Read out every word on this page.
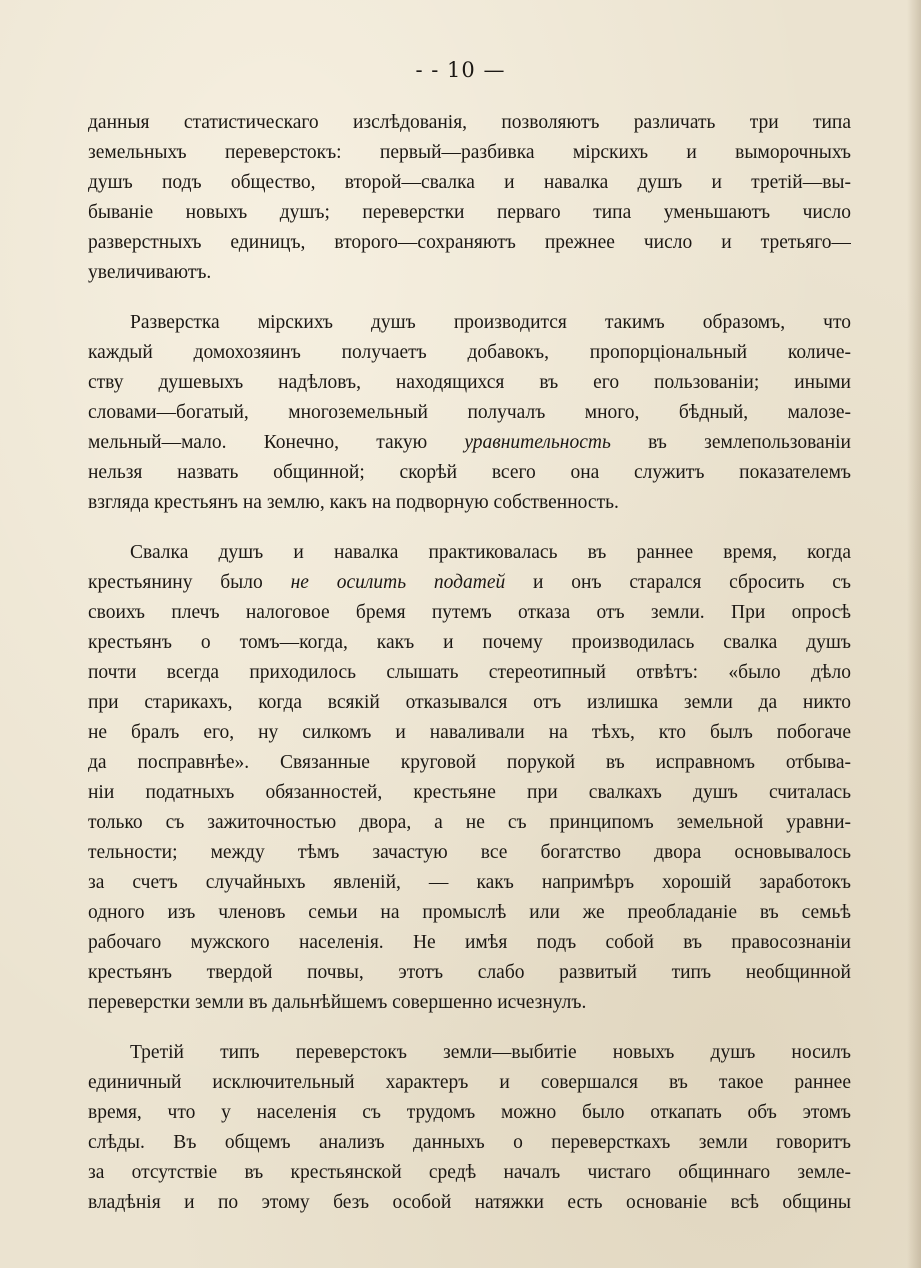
- - 10 —
данныя статистическаго изслѣдованія, позволяютъ различать три типа
земельныхъ переверстокъ: первый—разбивка мірскихъ и выморочныхъ
душъ подъ общество, второй—свалка и навалка душъ и третій—вы-
бываніе новыхъ душъ; переверстки перваго типа уменьшаютъ число
разверстныхъ единицъ, второго—сохраняютъ прежнее число и третьяго—
увеличиваютъ.
Разверстка мірскихъ душъ производится такимъ образомъ, что
каждый домохозяинъ получаетъ добавокъ, пропорціональный количе-
ству душевыхъ надѣловъ, находящихся въ его пользованіи; иными
словами—богатый, многоземельный получалъ много, бѣдный, малозе-
мельный—мало. Конечно, такую уравнительность въ землепользованіи
нельзя назвать общинной; скорѣй всего она служитъ показателемъ
взгляда крестьянъ на землю, какъ на подворную собственность.
Свалка душъ и навалка практиковалась въ раннее время, когда
крестьянину было не осилить податей и онъ старался сбросить съ
своихъ плечъ налоговое бремя путемъ отказа отъ земли. При опросѣ
крестьянъ о томъ—когда, какъ и почему производилась свалка душъ
почти всегда приходилось слышать стереотипный отвѣтъ: «было дѣло
при старикахъ, когда всякій отказывался отъ излишка земли да никто
не бралъ его, ну силкомъ и наваливали на тѣхъ, кто былъ побогаче
да посправнѣе». Связанные круговой порукой въ исправномъ отбыва-
ніи податныхъ обязанностей, крестьяне при свалкахъ душъ считалась
только съ зажиточностью двора, а не съ принципомъ земельной уравни-
тельности; между тѣмъ зачастую все богатство двора основывалось
за счетъ случайныхъ явленій, — какъ напримѣръ хорошій заработокъ
одного изъ членовъ семьи на промыслѣ или же преобладаніе въ семьѣ
рабочаго мужского населенія. Не имѣя подъ собой въ правосознаніи
крестьянъ твердой почвы, этотъ слабо развитый типъ необщинной
переверстки земли въ дальнѣйшемъ совершенно исчезнулъ.
Третій типъ переверстокъ земли—выбитіе новыхъ душъ носилъ
единичный исключительный характеръ и совершался въ такое раннее
время, что у населенія съ трудомъ можно было откапать объ этомъ
слѣды. Въ общемъ анализъ данныхъ о переверсткахъ земли говоритъ
за отсутствіе въ крестьянской средѣ началъ чистаго общиннаго земле-
владѣнія и по этому безъ особой натяжки есть основаніе всѣ общины
